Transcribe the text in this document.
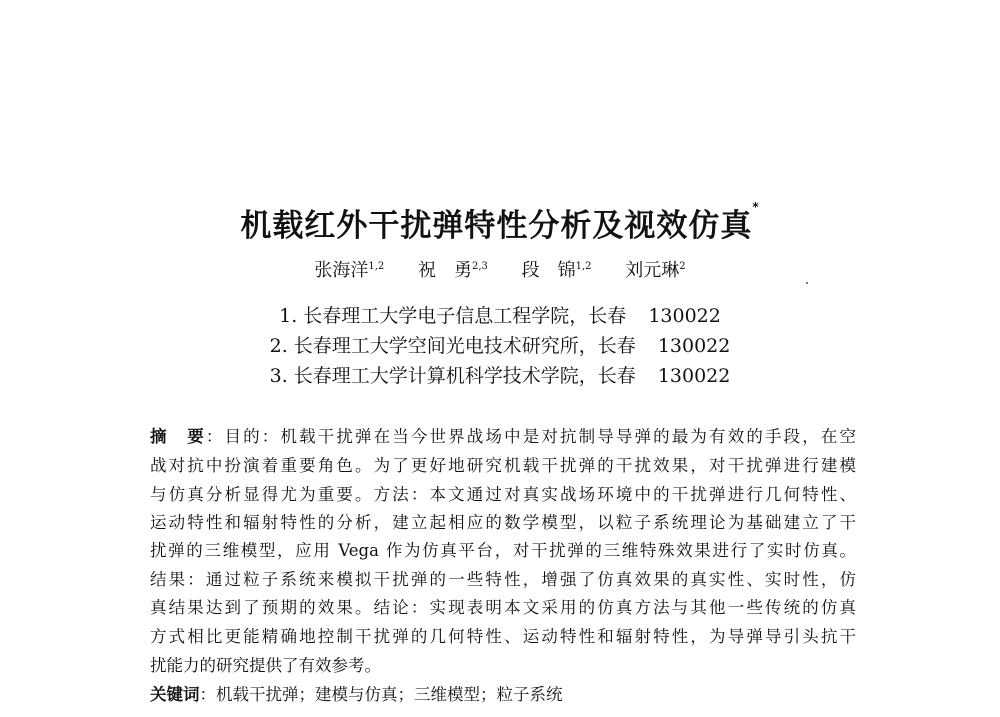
机载红外干扰弹特性分析及视效仿真*
张海洋$^{1,2}$ 祝　勇$^{2,3}$ 段　锦$^{1,2}$ 刘元琳$^2$
1. 长春理工大学电子信息工程学院，长春 130022
2. 长春理工大学空间光电技术研究所，长春 130022
3. 长春理工大学计算机科学技术学院，长春 130022
摘　要：目的：机载干扰弹在当今世界战场中是对抗制导导弹的最为有效的手段，在空
战对抗中扮演着重要角色。为了更好地研究机载干扰弹的干扰效果，对干扰弹进行建模
与仿真分析显得尤为重要。方法：本文通过对真实战场环境中的干扰弹进行几何特性、
运动特性和辐射特性的分析，建立起相应的数学模型，以粒子系统理论为基础建立了干
扰弹的三维模型，应用 Vega 作为仿真平台，对干扰弹的三维特殊效果进行了实时仿真。
结果：通过粒子系统来模拟干扰弹的一些特性，增强了仿真效果的真实性、实时性，仿
真结果达到了预期的效果。结论：实现表明本文采用的仿真方法与其他一些传统的仿真
方式相比更能精确地控制干扰弹的几何特性、运动特性和辐射特性，为导弹导引头抗干
扰能力的研究提供了有效参考。
关键词：机载干扰弹；建模与仿真；三维模型；粒子系统
